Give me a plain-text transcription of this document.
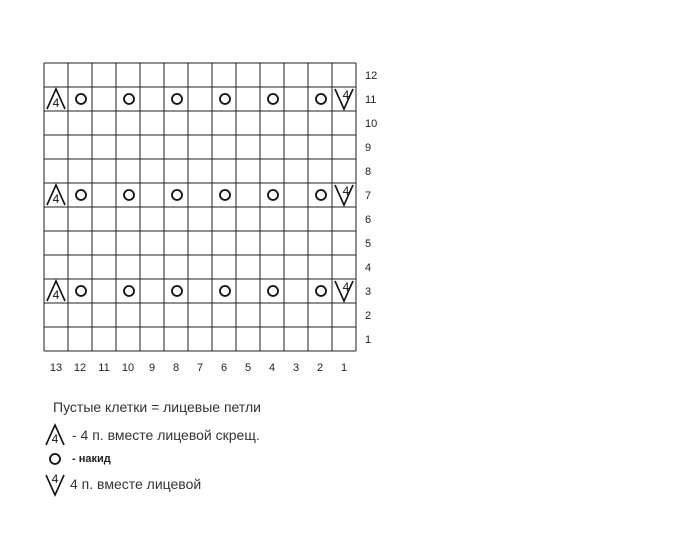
4
4
4
4
4
4
1
2
3
4
5
6
7
8
9
10
11
12
13 12 11 10 9 8 7 6 5 4 3 2 1
Пустые клетки = лицевые петли
4 - 4 п. вместе лицевой скрещ.
- накид
4 4 п. вместе лицевой
